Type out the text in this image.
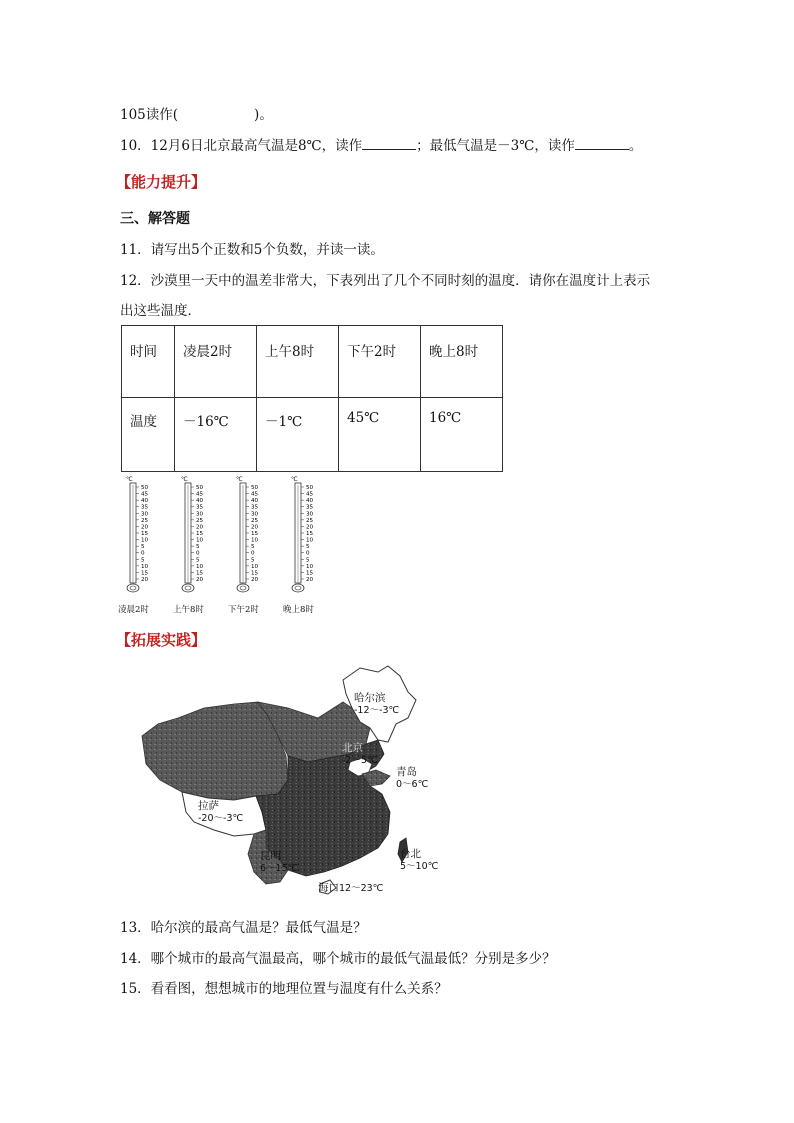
105读作(	)。
10．12月6日北京最高气温是8℃，读作	；最低气温是－3℃，读作	。
【能力提升】
三、解答题
11．请写出5个正数和5个负数，并读一读。
12．沙漠里一天中的温差非常大，下表列出了几个不同时刻的温度．请你在温度计上表示
出这些温度．
时间	凌晨2时	上午8时	下午2时	晚上8时
温度	－16℃	－1℃	45℃	16℃
℃
50
45
40
35
30
25
20
15
10
5
0
5
10
15
20
凌晨2时
℃
50
45
40
35
30
25
20
15
10
5
0
5
10
15
20
上午8时
℃
50
45
40
35
30
25
20
15
10
5
0
5
10
15
20
下午2时
℃
50
45
40
35
30
25
20
15
10
5
0
5
10
15
20
晚上8时
【拓展实践】
哈尔滨
-12～-3℃
北京
-2～5℃
青岛
0～6℃
拉萨
-20～-3℃
昆明
6～15℃
台北
5～10℃
海口12～23℃
13．哈尔滨的最高气温是？最低气温是？
14．哪个城市的最高气温最高，哪个城市的最低气温最低？分别是多少？
15．看看图，想想城市的地理位置与温度有什么关系？
